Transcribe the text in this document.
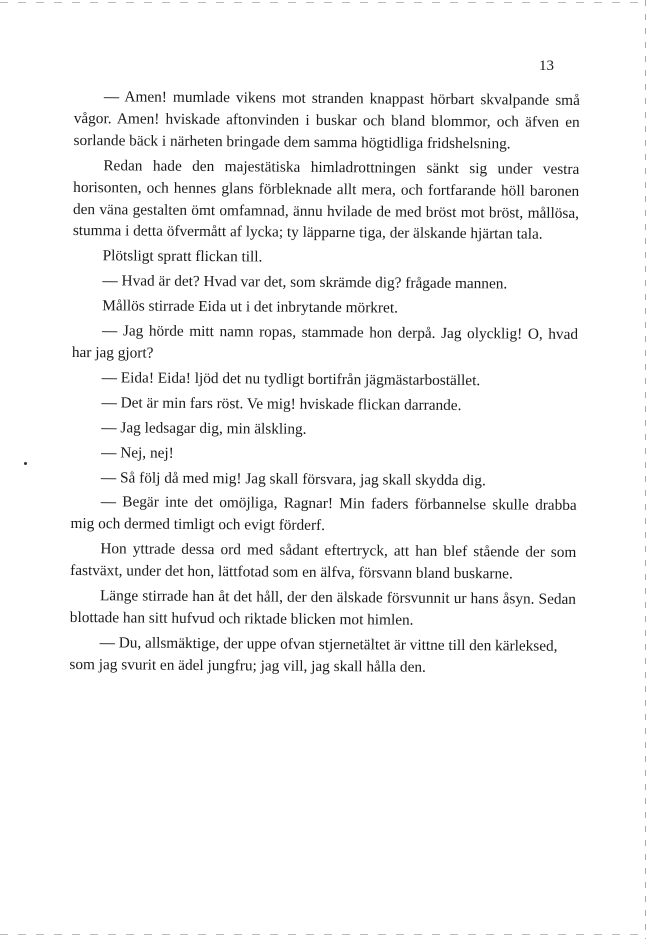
13

— Amen! mumlade vikens mot stranden knappast hörbart skvalpande små vågor. Amen! hviskade aftonvinden i buskar och bland blommor, och äfven en sorlande bäck i närheten bringade dem samma högtidliga fridshelsning.

Redan hade den majestätiska himladrottningen sänkt sig under vestra horisonten, och hennes glans förbleknade allt mera, och fortfarande höll baronen den väna gestalten ömt omfamnad, ännu hvilade de med bröst mot bröst, mållösa, stumma i detta öfvermått af lycka; ty läpparne tiga, der älskande hjärtan tala.

Plötsligt spratt flickan till.

— Hvad är det? Hvad var det, som skrämde dig? frågade mannen.

Mållös stirrade Eida ut i det inbrytande mörkret.

— Jag hörde mitt namn ropas, stammade hon derpå. Jag olycklig! O, hvad har jag gjort?

— Eida! Eida! ljöd det nu tydligt bortifrån jägmästarbostället.

— Det är min fars röst. Ve mig! hviskade flickan darrande.

— Jag ledsagar dig, min älskling.

— Nej, nej!

— Så följ då med mig! Jag skall försvara, jag skall skydda dig.

— Begär inte det omöjliga, Ragnar! Min faders förbannelse skulle drabba mig och dermed timligt och evigt förderf.

Hon yttrade dessa ord med sådant eftertryck, att han blef stående der som fastväxt, under det hon, lättfotad som en älfva, försvann bland buskarne.

Länge stirrade han åt det håll, der den älskade försvunnit ur hans åsyn. Sedan blottade han sitt hufvud och riktade blicken mot himlen.

— Du, allsmäktige, der uppe ofvan stjernetältet är vittne till den kärleksed, som jag svurit en ädel jungfru; jag vill, jag skall hålla den.
